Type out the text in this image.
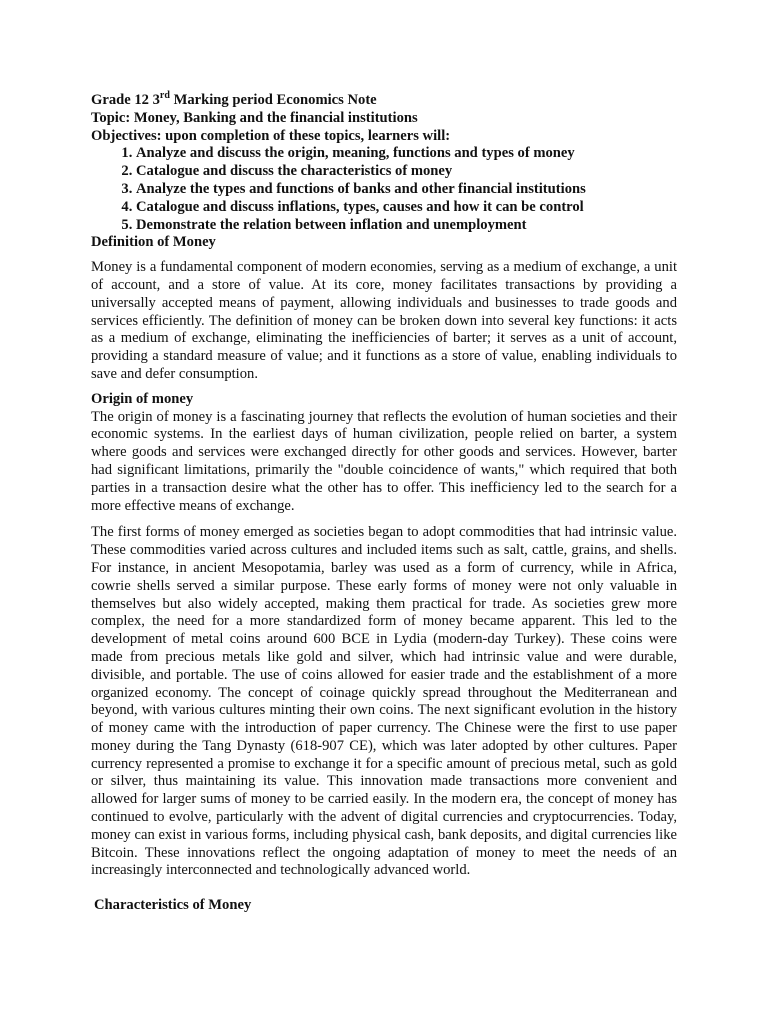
Grade 12 3rd Marking period Economics Note
Topic: Money, Banking and the financial institutions
Objectives: upon completion of these topics, learners will:
1. Analyze and discuss the origin, meaning, functions and types of money
2. Catalogue and discuss the characteristics of money
3. Analyze the types and functions of banks and other financial institutions
4. Catalogue and discuss inflations, types, causes and how it can be control
5. Demonstrate the relation between inflation and unemployment
Definition of Money

Money is a fundamental component of modern economies, serving as a medium of exchange, a unit of account, and a store of value. At its core, money facilitates transactions by providing a universally accepted means of payment, allowing individuals and businesses to trade goods and services efficiently. The definition of money can be broken down into several key functions: it acts as a medium of exchange, eliminating the inefficiencies of barter; it serves as a unit of account, providing a standard measure of value; and it functions as a store of value, enabling individuals to save and defer consumption.

Origin of money

The origin of money is a fascinating journey that reflects the evolution of human societies and their economic systems. In the earliest days of human civilization, people relied on barter, a system where goods and services were exchanged directly for other goods and services. However, barter had significant limitations, primarily the "double coincidence of wants," which required that both parties in a transaction desire what the other has to offer. This inefficiency led to the search for a more effective means of exchange.

The first forms of money emerged as societies began to adopt commodities that had intrinsic value. These commodities varied across cultures and included items such as salt, cattle, grains, and shells. For instance, in ancient Mesopotamia, barley was used as a form of currency, while in Africa, cowrie shells served a similar purpose. These early forms of money were not only valuable in themselves but also widely accepted, making them practical for trade. As societies grew more complex, the need for a more standardized form of money became apparent. This led to the development of metal coins around 600 BCE in Lydia (modern-day Turkey). These coins were made from precious metals like gold and silver, which had intrinsic value and were durable, divisible, and portable. The use of coins allowed for easier trade and the establishment of a more organized economy. The concept of coinage quickly spread throughout the Mediterranean and beyond, with various cultures minting their own coins. The next significant evolution in the history of money came with the introduction of paper currency. The Chinese were the first to use paper money during the Tang Dynasty (618-907 CE), which was later adopted by other cultures. Paper currency represented a promise to exchange it for a specific amount of precious metal, such as gold or silver, thus maintaining its value. This innovation made transactions more convenient and allowed for larger sums of money to be carried easily. In the modern era, the concept of money has continued to evolve, particularly with the advent of digital currencies and cryptocurrencies. Today, money can exist in various forms, including physical cash, bank deposits, and digital currencies like Bitcoin. These innovations reflect the ongoing adaptation of money to meet the needs of an increasingly interconnected and technologically advanced world.

Characteristics of Money
